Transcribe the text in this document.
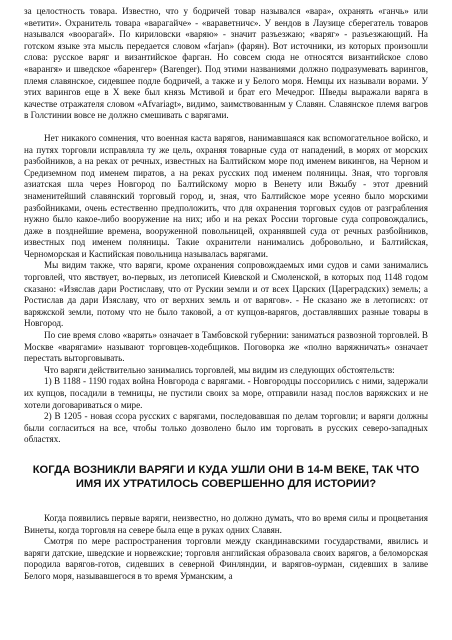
за целостность товара. Известно, что у бодричей товар назывался «вара», охранять «ганчь» или «ветити». Охранитель товара «варагайче» - «вараветничє». У вендов в Лаузице сберегатель товаров назывался «воорагай». По кириловски «варяю» - значит разъезжаю; «варяг» - разъезжающий. На готском языке эта мысль передается словом «farjan» (фарян). Вот источники, из которых произошли слова: русское варяг и византийское фарган. Но совсем сюда не относятся византийское слово «варангя» и шведское «баренгер» (Barenger). Под этими названиями должно подразумевать варингов, племя славянское, сидевшее подле бодричей, а также и у Белого моря. Немцы их называли ворами. У этих варингов еще в X веке был князь Мстивой и брат его Мечедрог. Шведы выражали варяга в качестве отражателя словом «Afvariagt», видимо, заимствованным у Славян. Славянское племя вагров в Голстинии вовсе не должно смешивать с варягами.

Нет никакого сомнения, что военная каста варягов, нанимавшаяся как вспомогательное войско, и на путях торговли исправляла ту же цель, охраняя товарные суда от нападений, в морях от морских разбойников, а на реках от речных, известных на Балтийском море под именем викингов, на Черном и Средиземном под именем пиратов, а на реках русских под именем поляницы. Зная, что торговля азиатская шла через Новгород по Балтийскому морю в Венету или Вжыбу - этот древний знаменитейший славянский торговый город, и, зная, что Балтийское море усеяно было морскими разбойниками, очень естественно предположить, что для охранения торговых судов от разграбления нужно было какое-либо вооружение на них; ибо и на реках России торговые суда сопровождались, даже в позднейшие времена, вооруженной повольницей, охранявшей суда от речных разбойников, известных под именем поляницы. Такие охранители нанимались добровольно, и Балтийская, Черноморская и Каспийская повольница называлась варягами.

Мы видим также, что варяги, кроме охранения сопровождаемых ими судов и сами занимались торговлей, что явствует, во-первых, из летописей Киевской и Смоленской, в которых под 1148 годом сказано: «Изяслав дари Ростиславу, что от Рускии земли и от всех Царских (Цареградских) земель; а Ростислав да дари Изяславу, что от верхних земль и от варягов». - Не сказано же в летописях: от варяжской земли, потому что не было таковой, а от купцов-варягов, доставлявших разные товары в Новгород.

По сие время слово «варять» означает в Тамбовской губернии: заниматься развозной торговлей. В Москве «варягами» называют торговцев-ходебщиков. Поговорка же «полно варяжничать» означает перестать выторговывать.

Что варяги действительно занимались торговлей, мы видим из следующих обстоятельств:

1) В 1188 - 1190 годах война Новгорода с варягами. - Новгородцы поссорились с ними, задержали их купцов, посадили в темницы, не пустили своих за море, отправили назад послов варяжских и не хотели договариваться о мире.

2) В 1205 - новая ссора русских с варягами, последовавшая по делам торговли; и варяги должны были согласиться на все, чтобы только дозволено было им торговать в русских северо-западных областях.

КОГДА ВОЗНИКЛИ ВАРЯГИ И КУДА УШЛИ ОНИ В 14-М ВЕКЕ, ТАК ЧТО ИМЯ ИХ УТРАТИЛОСЬ СОВЕРШЕННО ДЛЯ ИСТОРИИ?

Когда появились первые варяги, неизвестно, но должно думать, что во время силы и процветания Винеты, когда торговля на севере была еще в руках одних Славян.

Смотря по мере распространения торговли между скандинавскими государствами, явились и варяги датские, шведские и норвежские; торговля английская образовала своих варягов, а беломорская породила варягов-готов, сидевших в северной Финляндии, и варягов-оурман, сидевших в заливе Белого моря, называвшегося в то время Урманским, а
